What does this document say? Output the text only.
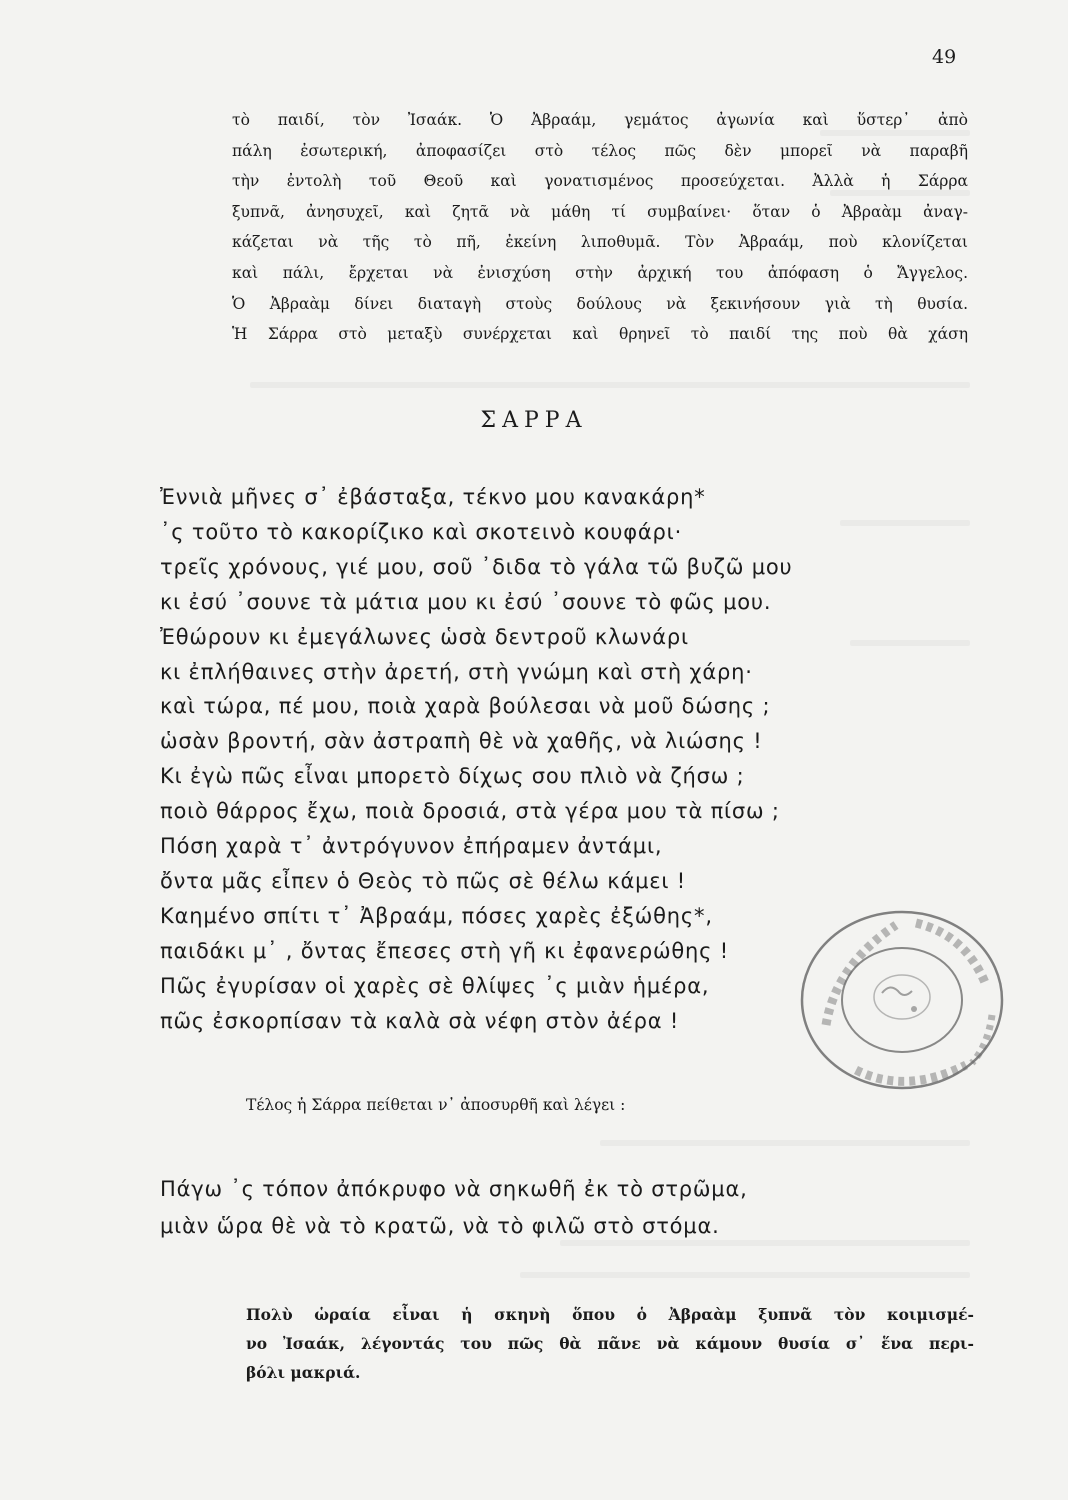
49
τὸ παιδί, τὸν Ἰσαάκ. Ὁ Ἀβραάμ, γεμάτος ἀγωνία καὶ ὕστερ᾽ ἀπὸ
πάλη ἐσωτερική, ἀποφασίζει στὸ τέλος πῶς δὲν μπορεῖ νὰ παραβῆ
τὴν ἐντολὴ τοῦ Θεοῦ καὶ γονατισμένος προσεύχεται. Ἀλλὰ ἡ Σάρρα
ξυπνᾶ, ἀνησυχεῖ, καὶ ζητᾶ νὰ μάθη τί συμβαίνει· ὅταν ὁ Ἀβραὰμ ἀναγ-
κάζεται νὰ τῆς τὸ πῆ, ἐκείνη λιποθυμᾶ. Τὸν Ἀβραάμ, ποὺ κλονίζεται
καὶ πάλι, ἔρχεται νὰ ἐνισχύση στὴν ἀρχική του ἀπόφαση ὁ Ἄγγελος.
Ὁ Ἀβραὰμ δίνει διαταγὴ στοὺς δούλους νὰ ξεκινήσουν γιὰ τὴ θυσία.
Ἡ Σάρρα στὸ μεταξὺ συνέρχεται καὶ θρηνεῖ τὸ παιδί της ποὺ θὰ χάση
ΣΑΡΡΑ
Ἐννιὰ μῆνες σ᾽ ἐβάσταξα, τέκνο μου κανακάρη*
᾽ς τοῦτο τὸ κακορίζικο καὶ σκοτεινὸ κουφάρι·
τρεῖς χρόνους, γιέ μου, σοῦ ᾽διδα τὸ γάλα τῶ βυζῶ μου
κι ἐσύ ᾽σουνε τὰ μάτια μου κι ἐσύ ᾽σουνε τὸ φῶς μου.
Ἐθώρουν κι ἐμεγάλωνες ὡσὰ δεντροῦ κλωνάρι
κι ἐπλήθαινες στὴν ἀρετή, στὴ γνώμη καὶ στὴ χάρη·
καὶ τώρα, πέ μου, ποιὰ χαρὰ βούλεσαι νὰ μοῦ δώσης ;
ὡσὰν βροντή, σὰν ἀστραπὴ θὲ νὰ χαθῆς, νὰ λιώσης !
Κι ἐγὼ πῶς εἶναι μπορετὸ δίχως σου πλιὸ νὰ ζήσω ;
ποιὸ θάρρος ἔχω, ποιὰ δροσιά, στὰ γέρα μου τὰ πίσω ;
Πόση χαρὰ τ᾽ ἀντρόγυνον ἐπήραμεν ἀντάμι,
ὄντα μᾶς εἶπεν ὁ Θεὸς τὸ πῶς σὲ θέλω κάμει !
Καημένο σπίτι τ᾽ Ἀβραάμ, πόσες χαρὲς ἐξώθης*,
παιδάκι μ᾽ , ὄντας ἔπεσες στὴ γῆ κι ἐφανερώθης !
Πῶς ἐγυρίσαν οἱ χαρὲς σὲ θλίψες ᾽ς μιὰν ἡμέρα,
πῶς ἐσκορπίσαν τὰ καλὰ σὰ νέφη στὸν ἀέρα !
Τέλος ἡ Σάρρα πείθεται ν᾽ ἀποσυρθῆ καὶ λέγει :
Πάγω ᾽ς τόπον ἀπόκρυφο νὰ σηκωθῆ ἐκ τὸ στρῶμα,
μιὰν ὥρα θὲ νὰ τὸ κρατῶ, νὰ τὸ φιλῶ στὸ στόμα.
Πολὺ ὡραία εἶναι ἡ σκηνὴ ὅπου ὁ Ἀβραὰμ ξυπνᾶ τὸν κοιμισμέ-
νο Ἰσαάκ, λέγοντάς του πῶς θὰ πᾶνε νὰ κάμουν θυσία σ᾽ ἕνα περι-
βόλι μακριά.
